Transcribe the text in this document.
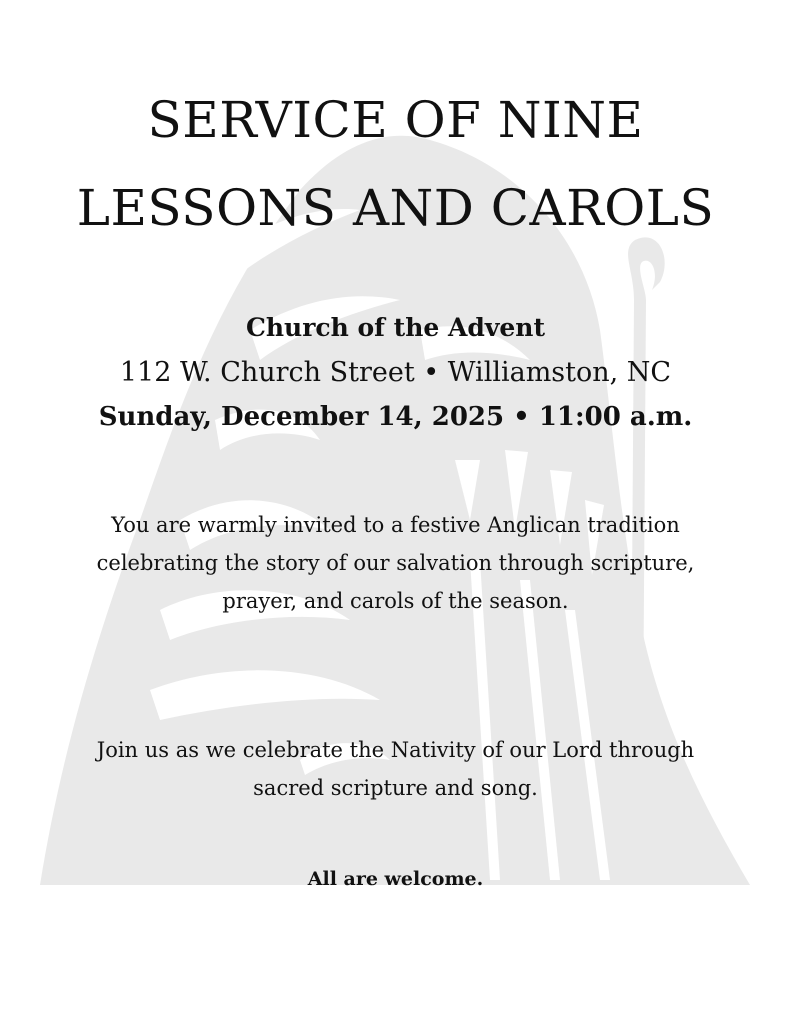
SERVICE OF NINE
LESSONS AND CAROLS
Church of the Advent
112 W. Church Street • Williamston, NC
Sunday, December 14, 2025 • 11:00 a.m.

You are warmly invited to a festive Anglican tradition celebrating the story of our salvation through scripture, prayer, and carols of the season.

Join us as we celebrate the Nativity of our Lord through sacred scripture and song.

All are welcome.
